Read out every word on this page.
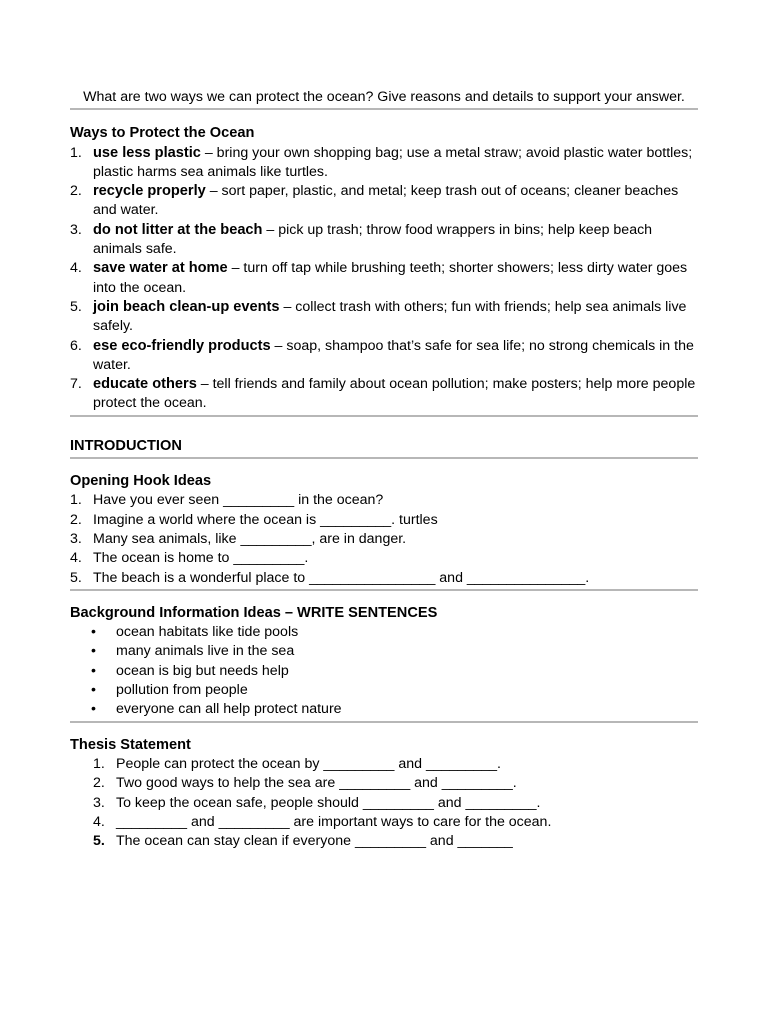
What are two ways we can protect the ocean? Give reasons and details to support your answer.
Ways to Protect the Ocean
1. use less plastic – bring your own shopping bag; use a metal straw; avoid plastic water bottles; plastic harms sea animals like turtles.
2. recycle properly – sort paper, plastic, and metal; keep trash out of oceans; cleaner beaches and water.
3. do not litter at the beach – pick up trash; throw food wrappers in bins; help keep beach animals safe.
4. save water at home – turn off tap while brushing teeth; shorter showers; less dirty water goes into the ocean.
5. join beach clean-up events – collect trash with others; fun with friends; help sea animals live safely.
6. ese eco-friendly products – soap, shampoo that’s safe for sea life; no strong chemicals in the water.
7. educate others – tell friends and family about ocean pollution; make posters; help more people protect the ocean.
INTRODUCTION
Opening Hook Ideas
1. Have you ever seen _________ in the ocean?
2. Imagine a world where the ocean is _________. turtles
3. Many sea animals, like _________, are in danger.
4. The ocean is home to _________.
5. The beach is a wonderful place to ________________ and _______________.
Background Information Ideas – WRITE SENTENCES
• ocean habitats like tide pools
• many animals live in the sea
• ocean is big but needs help
• pollution from people
• everyone can all help protect nature
Thesis Statement
1. People can protect the ocean by _________ and _________.
2. Two good ways to help the sea are _________ and _________.
3. To keep the ocean safe, people should _________ and _________.
4. _________ and _________ are important ways to care for the ocean.
5. The ocean can stay clean if everyone _________ and _______
